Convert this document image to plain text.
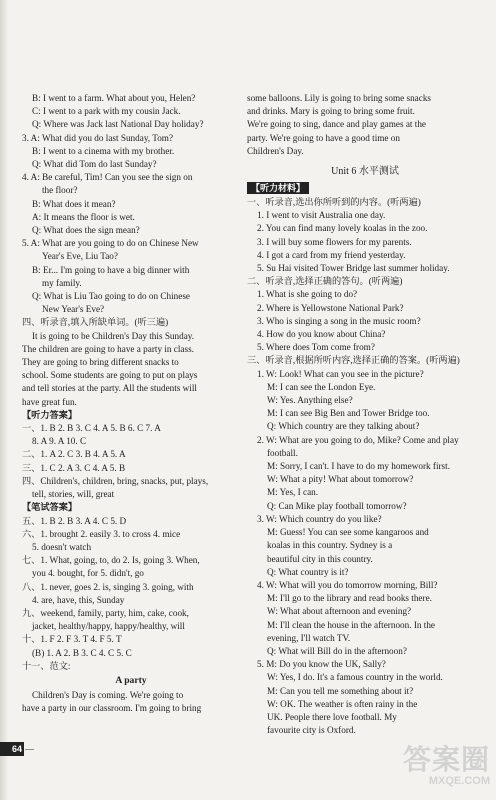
B: I went to a farm. What about you, Helen?
C: I went to a park with my cousin Jack.
Q: Where was Jack last National Day holiday?
3. A: What did you do last Sunday, Tom?
B: I went to a cinema with my brother.
Q: What did Tom do last Sunday?
4. A: Be careful, Tim! Can you see the sign on
the floor?
B: What does it mean?
A: It means the floor is wet.
Q: What does the sign mean?
5. A: What are you going to do on Chinese New
Year's Eve, Liu Tao?
B: Er... I'm going to have a big dinner with
my family.
Q: What is Liu Tao going to do on Chinese
New Year's Eve?
四、听录音,填入所缺单词。(听三遍)
It is going to be Children's Day this Sunday.
The children are going to have a party in class.
They are going to bring different snacks to
school. Some students are going to put on plays
and tell stories at the party. All the students will
have great fun.
【听力答案】
一、1. B 2. B 3. C 4. A 5. B 6. C 7. A
8. A 9. A 10. C
二、1. A 2. C 3. B 4. A 5. A
三、1. C 2. A 3. C 4. A 5. B
四、Children's, children, bring, snacks, put, plays,
tell, stories, will, great
【笔试答案】
五、1. B 2. B 3. A 4. C 5. D
六、1. brought 2. easily 3. to cross 4. mice
5. doesn't watch
七、1. What, going, to, do 2. Is, going 3. When,
you 4. bought, for 5. didn't, go
八、1. never, goes 2. is, singing 3. going, with
4. are, have, this, Sunday
九、weekend, family, party, him, cake, cook,
jacket, healthy/happy, happy/healthy, will
十、1. F 2. F 3. T 4. F 5. T
(B) 1. A 2. B 3. C 4. C 5. C
十一、范文:
A party
Children's Day is coming. We're going to
have a party in our classroom. I'm going to bring
some balloons. Lily is going to bring some snacks
and drinks. Mary is going to bring some fruit.
We're going to sing, dance and play games at the
party. We're going to have a good time on
Children's Day.
Unit 6 水平测试
【听力材料】
一、听录音,选出你所听到的内容。(听两遍)
1. I went to visit Australia one day.
2. You can find many lovely koalas in the zoo.
3. I will buy some flowers for my parents.
4. I got a card from my friend yesterday.
5. Su Hai visited Tower Bridge last summer holiday.
二、听录音,选择正确的答句。(听两遍)
1. What is she going to do?
2. Where is Yellowstone National Park?
3. Who is singing a song in the music room?
4. How do you know about China?
5. Where does Tom come from?
三、听录音,根据所听内容,选择正确的答案。(听两遍)
1. W: Look! What can you see in the picture?
M: I can see the London Eye.
W: Yes. Anything else?
M: I can see Big Ben and Tower Bridge too.
Q: Which country are they talking about?
2. W: What are you going to do, Mike? Come and play
football.
M: Sorry, I can't. I have to do my homework first.
W: What a pity! What about tomorrow?
M: Yes, I can.
Q: Can Mike play football tomorrow?
3. W: Which country do you like?
M: Guess! You can see some kangaroos and
koalas in this country. Sydney is a
beautiful city in this country.
Q: What country is it?
4. W: What will you do tomorrow morning, Bill?
M: I'll go to the library and read books there.
W: What about afternoon and evening?
M: I'll clean the house in the afternoon. In the
evening, I'll watch TV.
Q: What will Bill do in the afternoon?
5. M: Do you know the UK, Sally?
W: Yes, I do. It's a famous country in the world.
M: Can you tell me something about it?
W: OK. The weather is often rainy in the
UK. People there love football. My
favourite city is Oxford.
64 —	答案圈
MXQE.COM
